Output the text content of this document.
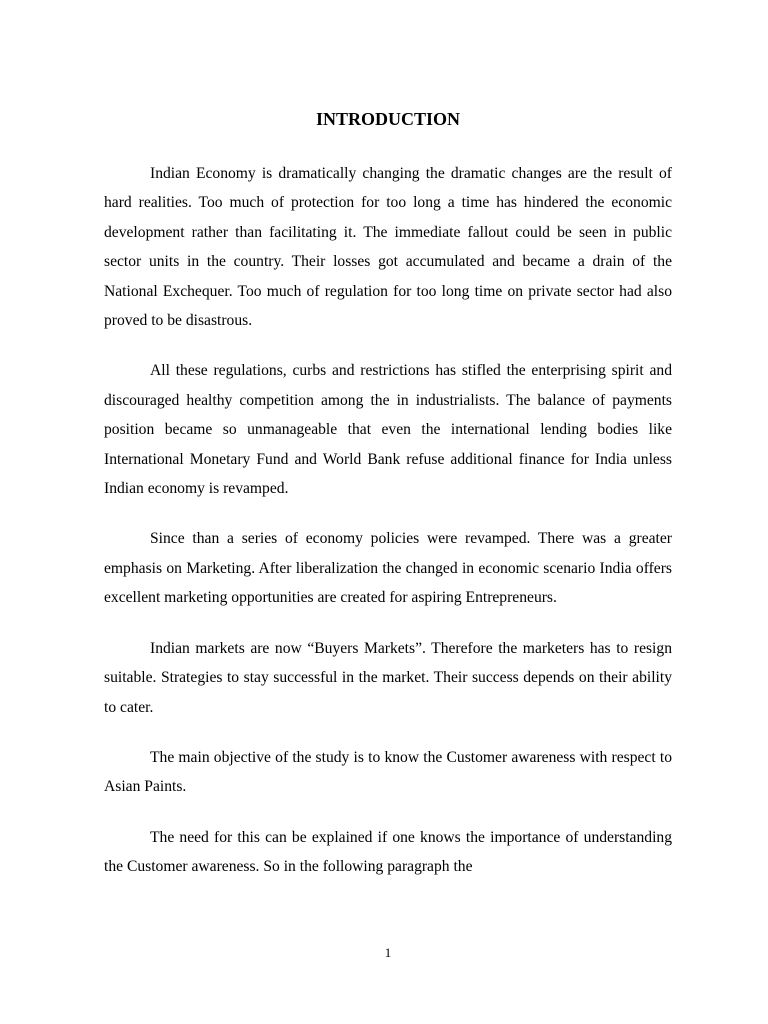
INTRODUCTION

Indian Economy is dramatically changing the dramatic changes are the result of hard realities. Too much of protection for too long a time has hindered the economic development rather than facilitating it. The immediate fallout could be seen in public sector units in the country. Their losses got accumulated and became a drain of the National Exchequer. Too much of regulation for too long time on private sector had also proved to be disastrous.

All these regulations, curbs and restrictions has stifled the enterprising spirit and discouraged healthy competition among the in industrialists. The balance of payments position became so unmanageable that even the international lending bodies like International Monetary Fund and World Bank refuse additional finance for India unless Indian economy is revamped.

Since than a series of economy policies were revamped. There was a greater emphasis on Marketing. After liberalization the changed in economic scenario India offers excellent marketing opportunities are created for aspiring Entrepreneurs.

Indian markets are now “Buyers Markets”. Therefore the marketers has to resign suitable. Strategies to stay successful in the market. Their success depends on their ability to cater.

The main objective of the study is to know the Customer awareness with respect to Asian Paints.

The need for this can be explained if one knows the importance of understanding the Customer awareness. So in the following paragraph the

1
